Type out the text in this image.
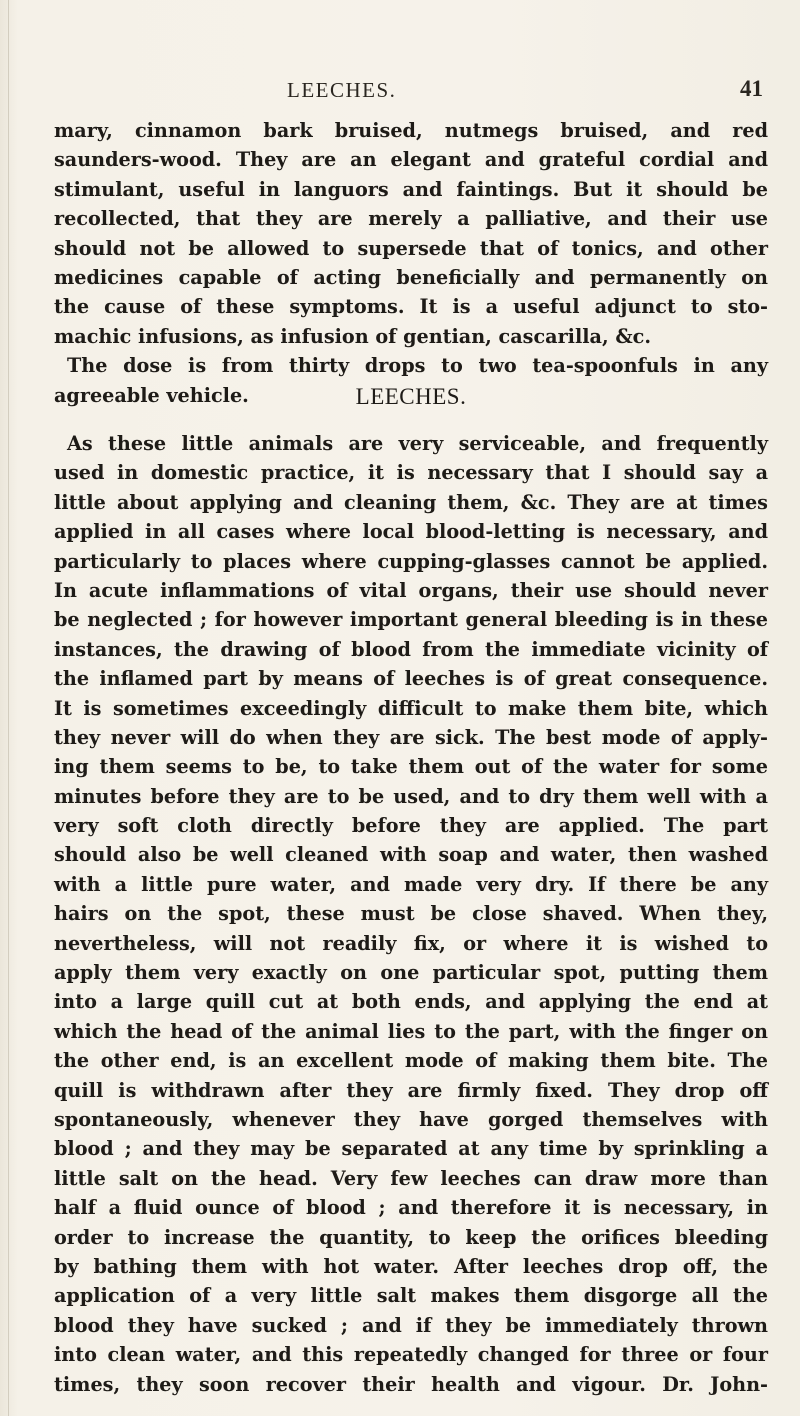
LEECHES.	41
mary, cinnamon bark bruised, nutmegs bruised, and red
saunders-wood. They are an elegant and grateful cordial and
stimulant, useful in languors and faintings. But it should be
recollected, that they are merely a palliative, and their use
should not be allowed to supersede that of tonics, and other
medicines capable of acting beneficially and permanently on
the cause of these symptoms. It is a useful adjunct to sto-
machic infusions, as infusion of gentian, cascarilla, &c.
The dose is from thirty drops to two tea-spoonfuls in any
agreeable vehicle.	LEECHES.
As these little animals are very serviceable, and frequently
used in domestic practice, it is necessary that I should say a
little about applying and cleaning them, &c. They are at times
applied in all cases where local blood-letting is necessary, and
particularly to places where cupping-glasses cannot be applied.
In acute inflammations of vital organs, their use should never
be neglected ; for however important general bleeding is in these
instances, the drawing of blood from the immediate vicinity of
the inflamed part by means of leeches is of great consequence.
It is sometimes exceedingly difficult to make them bite, which
they never will do when they are sick. The best mode of apply-
ing them seems to be, to take them out of the water for some
minutes before they are to be used, and to dry them well with a
very soft cloth directly before they are applied. The part
should also be well cleaned with soap and water, then washed
with a little pure water, and made very dry. If there be any
hairs on the spot, these must be close shaved. When they,
nevertheless, will not readily fix, or where it is wished to
apply them very exactly on one particular spot, putting them
into a large quill cut at both ends, and applying the end at
which the head of the animal lies to the part, with the finger on
the other end, is an excellent mode of making them bite. The
quill is withdrawn after they are firmly fixed. They drop off
spontaneously, whenever they have gorged themselves with
blood ; and they may be separated at any time by sprinkling a
little salt on the head. Very few leeches can draw more than
half a fluid ounce of blood ; and therefore it is necessary, in
order to increase the quantity, to keep the orifices bleeding
by bathing them with hot water. After leeches drop off, the
application of a very little salt makes them disgorge all the
blood they have sucked ; and if they be immediately thrown
into clean water, and this repeatedly changed for three or four
times, they soon recover their health and vigour. Dr. John-
